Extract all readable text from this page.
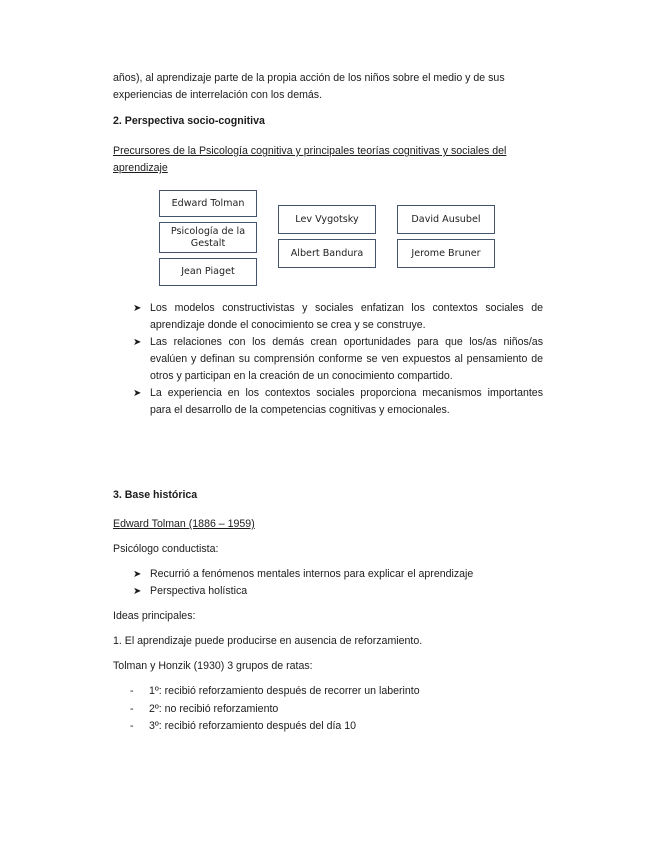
años), al aprendizaje parte de la propia acción de los niños sobre el medio y de sus
experiencias de interrelación con los demás.

2. Perspectiva socio-cognitiva

Precursores de la Psicología cognitiva y principales teorías cognitivas y sociales del
aprendizaje

Edward Tolman
Psicología de la Gestalt
Jean Piaget
Lev Vygotsky
Albert Bandura
David Ausubel
Jerome Bruner
➤ Los modelos constructivistas y sociales enfatizan los contextos sociales de aprendizaje donde el conocimiento se crea y se construye.
➤ Las relaciones con los demás crean oportunidades para que los/as niños/as evalúen y definan su comprensión conforme se ven expuestos al pensamiento de otros y participan en la creación de un conocimiento compartido.
➤ La experiencia en los contextos sociales proporciona mecanismos importantes para el desarrollo de la competencias cognitivas y emocionales.

3. Base histórica

Edward Tolman (1886 – 1959)

Psicólogo conductista:

➤ Recurrió a fenómenos mentales internos para explicar el aprendizaje
➤ Perspectiva holística

Ideas principales:

1. El aprendizaje puede producirse en ausencia de reforzamiento.

Tolman y Honzik (1930) 3 grupos de ratas:

- 1º: recibió reforzamiento después de recorrer un laberinto
- 2º: no recibió reforzamiento
- 3º: recibió reforzamiento después del día 10
